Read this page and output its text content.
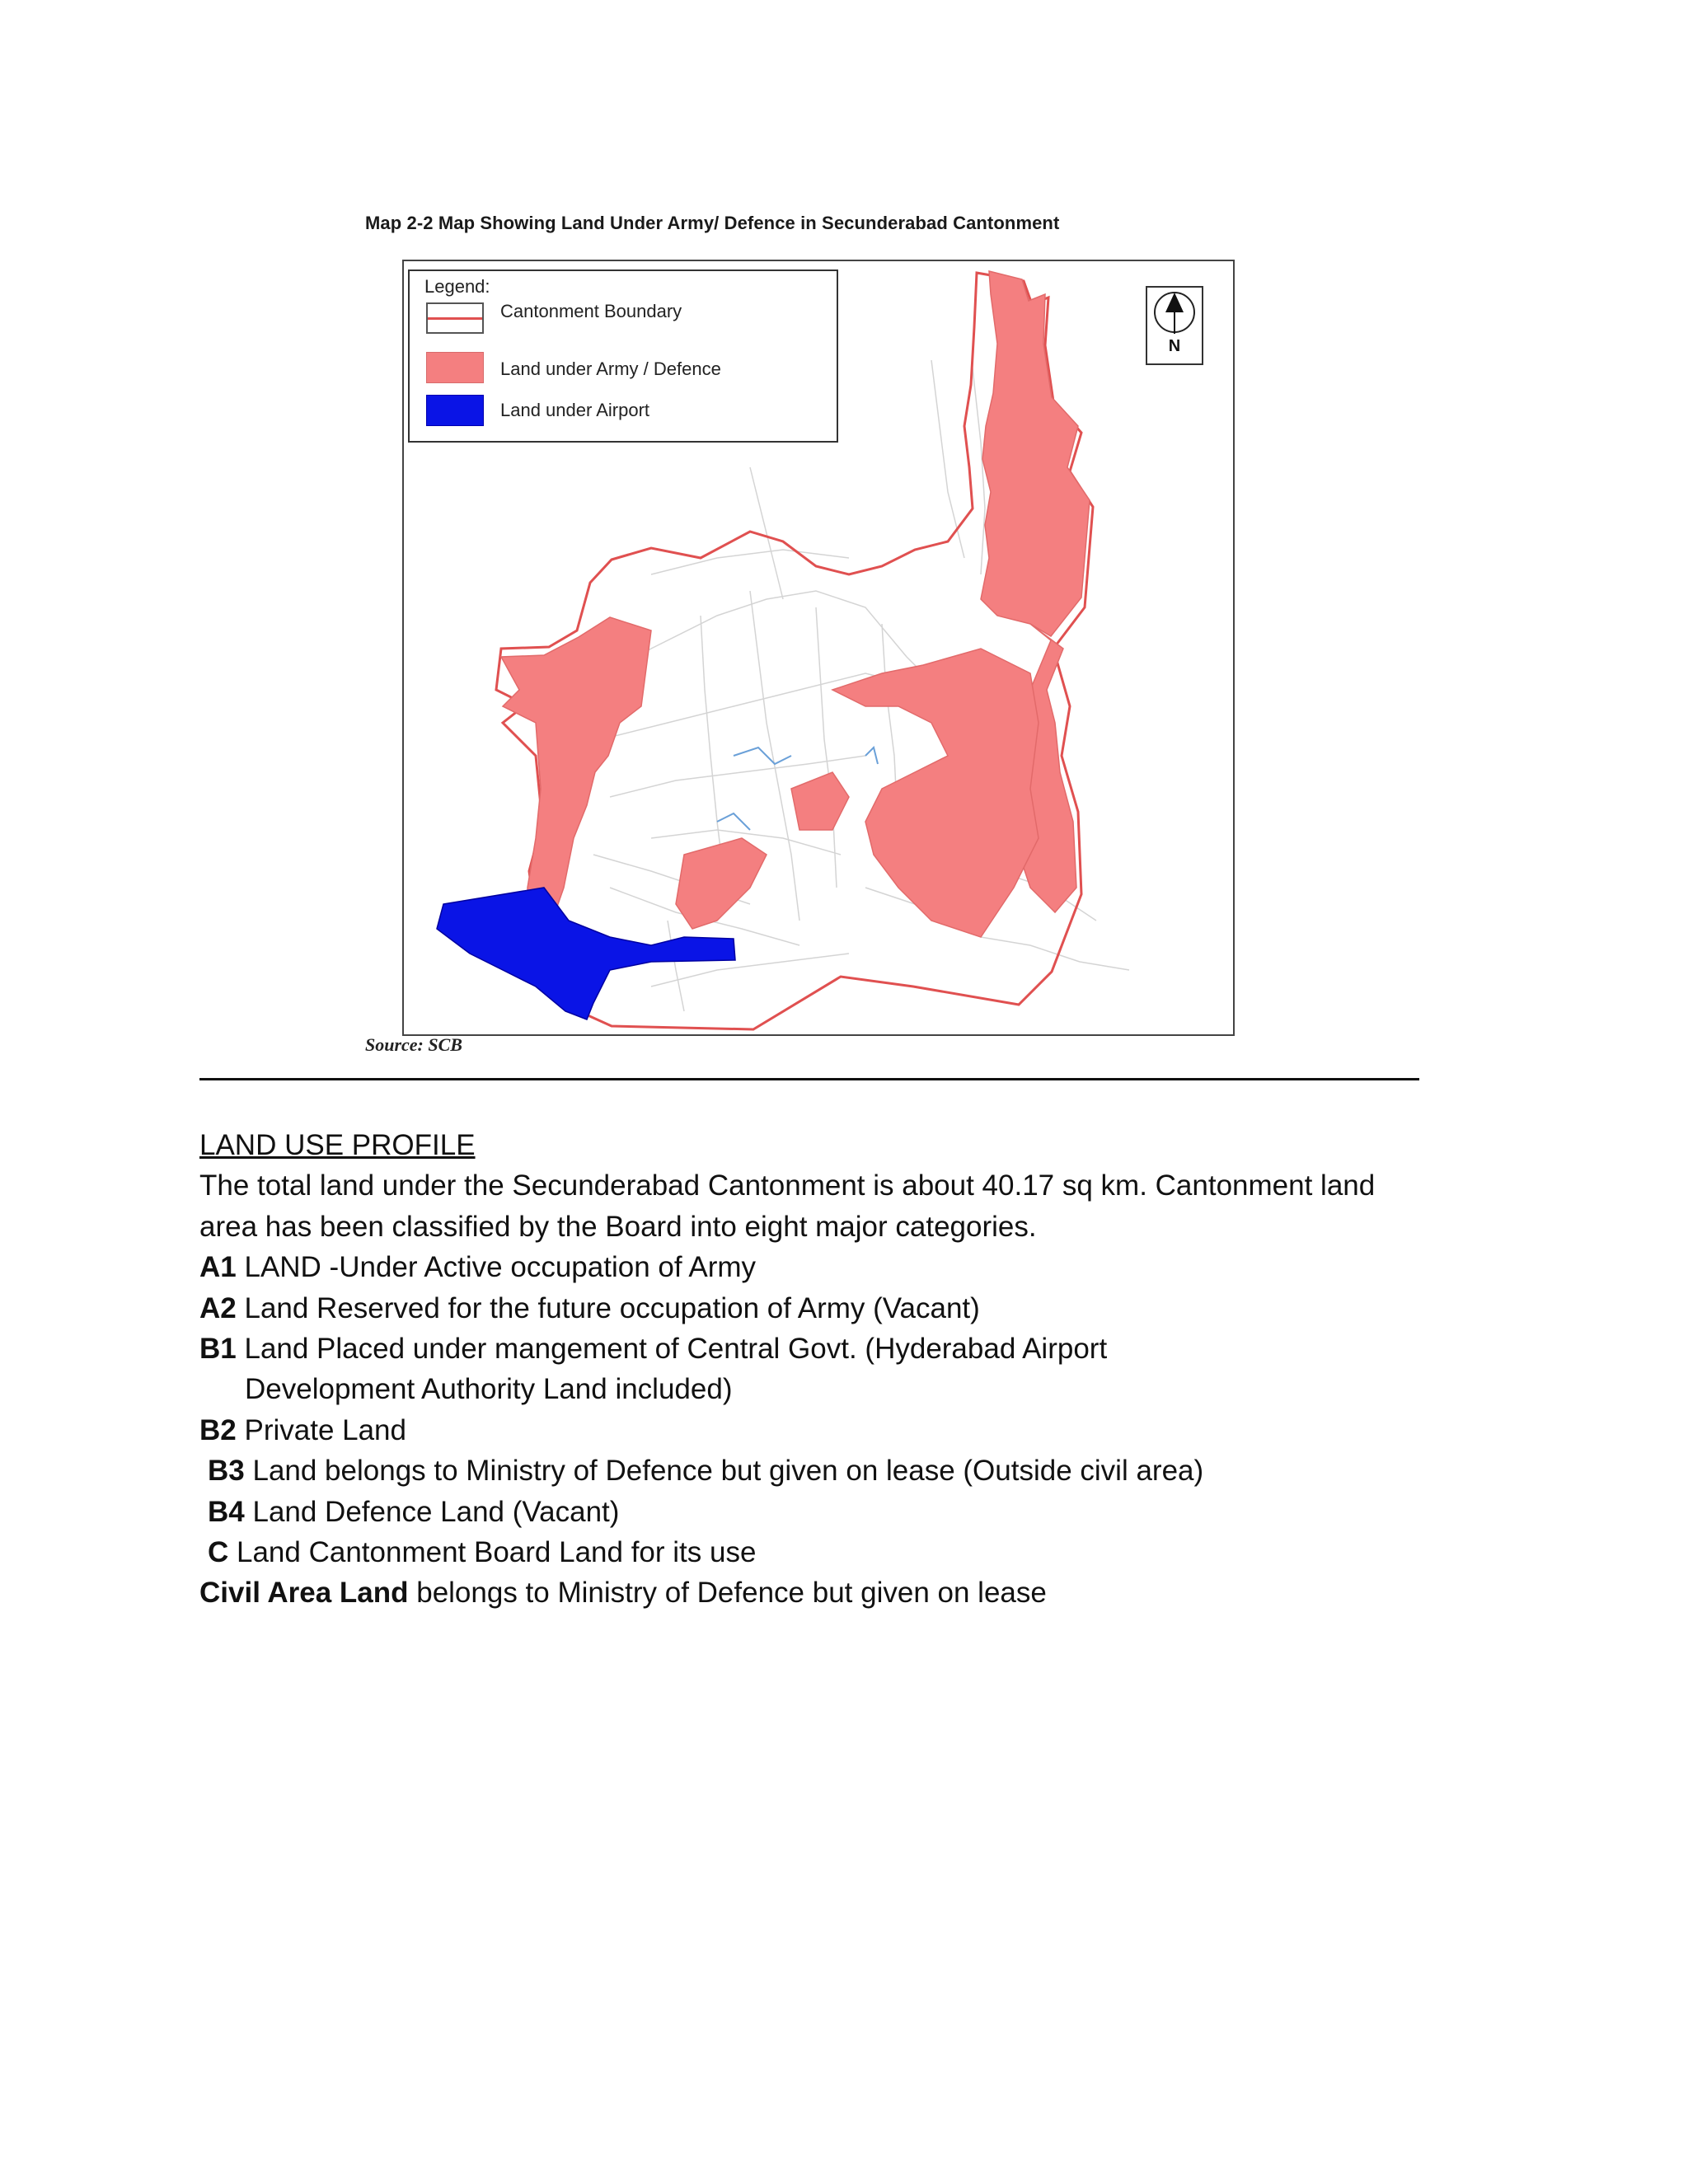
Map 2-2 Map Showing Land Under Army/ Defence in Secunderabad Cantonment
Legend:
Cantonment Boundary
Land under Army / Defence
Land under Airport
N
Source: SCB

LAND USE PROFILE

The total land under the Secunderabad Cantonment is about 40.17 sq km. Cantonment land

area has been classified by the Board into eight major categories.

A1 LAND -Under Active occupation of Army

A2 Land Reserved for the future occupation of Army (Vacant)

B1 Land Placed under mangement of Central Govt. (Hyderabad Airport

Development Authority Land included)

B2 Private Land

B3 Land belongs to Ministry of Defence but given on lease (Outside civil area)

B4 Land Defence Land (Vacant)

C Land Cantonment Board Land for its use

Civil Area Land belongs to Ministry of Defence but given on lease
